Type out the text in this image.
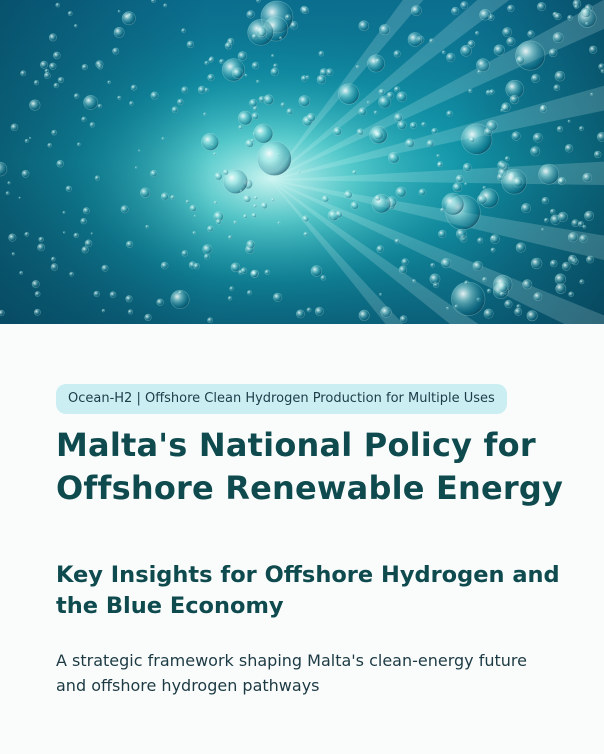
Ocean-H2 | Offshore Clean Hydrogen Production for Multiple Uses
Malta's National Policy for Offshore Renewable Energy
Key Insights for Offshore Hydrogen and the Blue Economy

A strategic framework shaping Malta's clean-energy future and offshore hydrogen pathways
